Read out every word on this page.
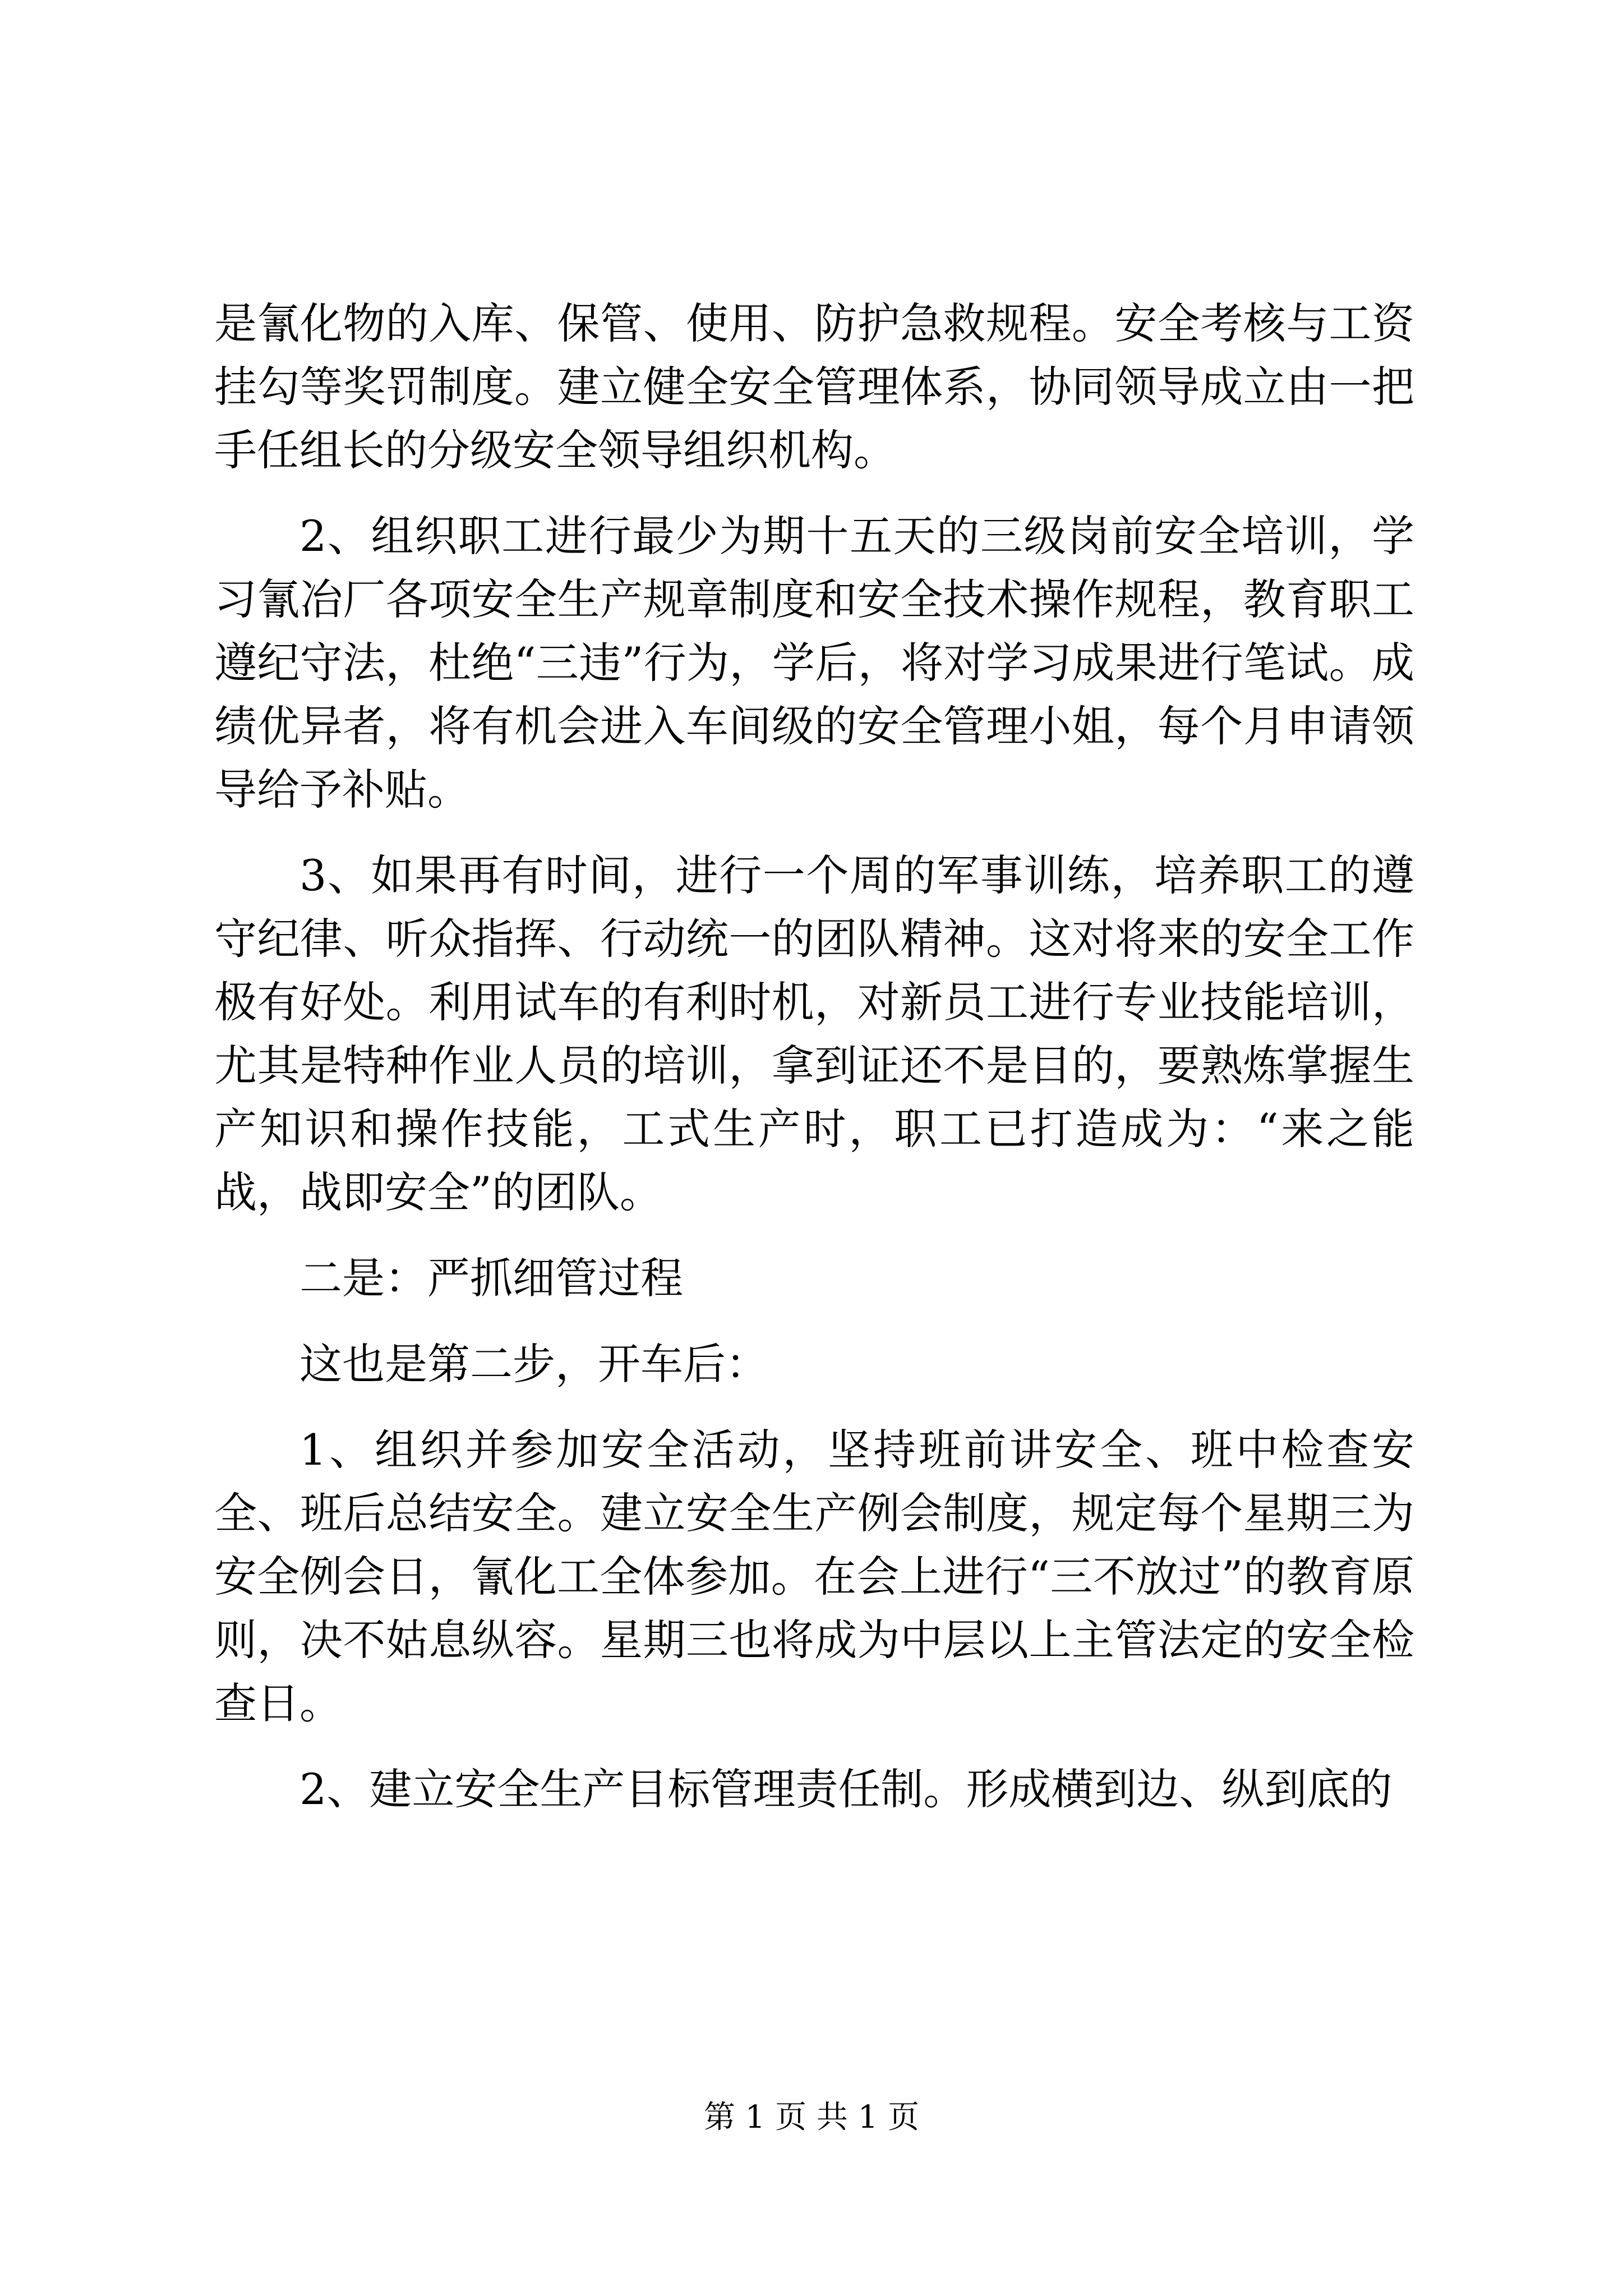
是氰化物的入库、保管、使用、防护急救规程。安全考核与工资挂勾等奖罚制度。建立健全安全管理体系，协同领导成立由一把手任组长的分级安全领导组织机构。

2、组织职工进行最少为期十五天的三级岗前安全培训，学习氰冶厂各项安全生产规章制度和安全技术操作规程，教育职工遵纪守法，杜绝“三违”行为，学后，将对学习成果进行笔试。成绩优异者，将有机会进入车间级的安全管理小姐，每个月申请领导给予补贴。

3、如果再有时间，进行一个周的军事训练，培养职工的遵守纪律、听众指挥、行动统一的团队精神。这对将来的安全工作极有好处。利用试车的有利时机，对新员工进行专业技能培训，尤其是特种作业人员的培训，拿到证还不是目的，要熟炼掌握生产知识和操作技能，工式生产时，职工已打造成为：“来之能战，战即安全”的团队。

二是：严抓细管过程

这也是第二步，开车后：

1、组织并参加安全活动，坚持班前讲安全、班中检查安全、班后总结安全。建立安全生产例会制度，规定每个星期三为安全例会日，氰化工全体参加。在会上进行“三不放过”的教育原则，决不姑息纵容。星期三也将成为中层以上主管法定的安全检查日。

2、建立安全生产目标管理责任制。形成横到边、纵到底的

第 1 页 共 1 页
